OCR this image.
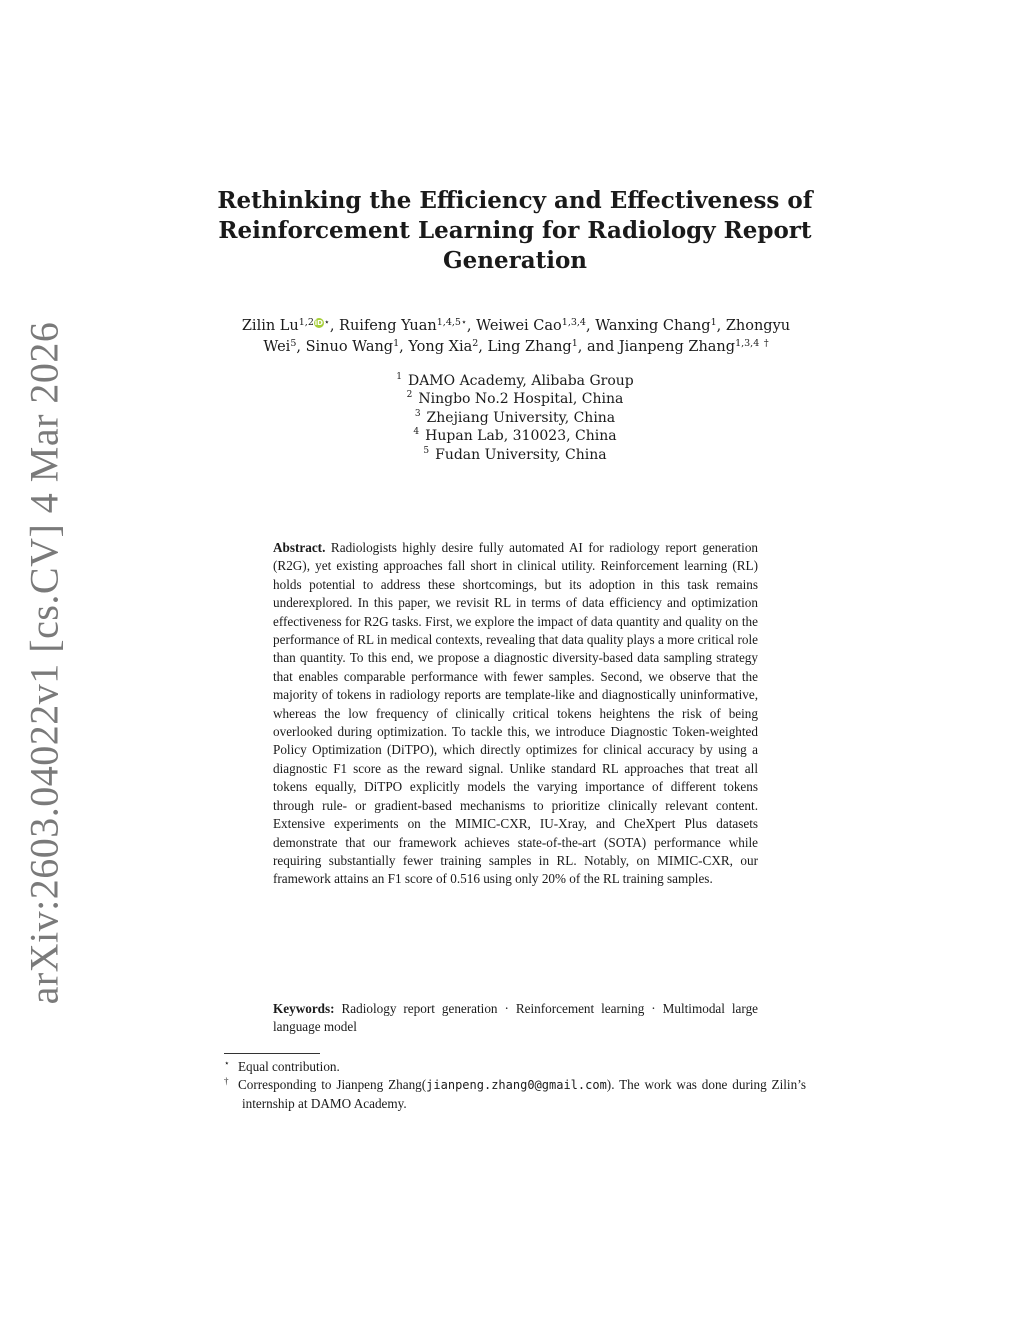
arXiv:2603.04022v1 [cs.CV] 4 Mar 2026
Rethinking the Efficiency and Effectiveness of
Reinforcement Learning for Radiology Report
Generation
Zilin Lu$^{1,2}$iD⋆, Ruifeng Yuan$^{1,4,5⋆}$, Weiwei Cao$^{1,3,4}$, Wanxing Chang$^1$, Zhongyu Wei$^5$, Sinuo Wang$^1$, Yong Xia$^2$, Ling Zhang$^1$, and Jianpeng Zhang$^{1,3,4}$ †
$^1$ DAMO Academy, Alibaba Group
$^2$ Ningbo No.2 Hospital, China
$^3$ Zhejiang University, China
$^4$ Hupan Lab, 310023, China
$^5$ Fudan University, China
Abstract. Radiologists highly desire fully automated AI for radiology report generation (R2G), yet existing approaches fall short in clinical utility. Reinforcement learning (RL) holds potential to address these shortcomings, but its adoption in this task remains underexplored. In this paper, we revisit RL in terms of data efficiency and optimization effectiveness for R2G tasks. First, we explore the impact of data quantity and quality on the performance of RL in medical contexts, revealing that data quality plays a more critical role than quantity. To this end, we propose a diagnostic diversity-based data sampling strategy that enables comparable performance with fewer samples. Second, we observe that the majority of tokens in radiology reports are template-like and diagnostically uninformative, whereas the low frequency of clinically critical tokens heightens the risk of being overlooked during optimization. To tackle this, we introduce Diagnostic Token-weighted Policy Optimization (DiTPO), which directly optimizes for clinical accuracy by using a diagnostic F1 score as the reward signal. Unlike standard RL approaches that treat all tokens equally, DiTPO explicitly models the varying importance of different tokens through rule- or gradient-based mechanisms to prioritize clinically relevant content. Extensive experiments on the MIMIC-CXR, IU-Xray, and CheXpert Plus datasets demonstrate that our framework achieves state-of-the-art (SOTA) performance while requiring substantially fewer training samples in RL. Notably, on MIMIC-CXR, our framework attains an F1 score of 0.516 using only 20% of the RL training samples.
Keywords: Radiology report generation · Reinforcement learning · Multimodal large language model
⋆ Equal contribution.
† Corresponding to Jianpeng Zhang(jianpeng.zhang0@gmail.com). The work was done during Zilin’s internship at DAMO Academy.
